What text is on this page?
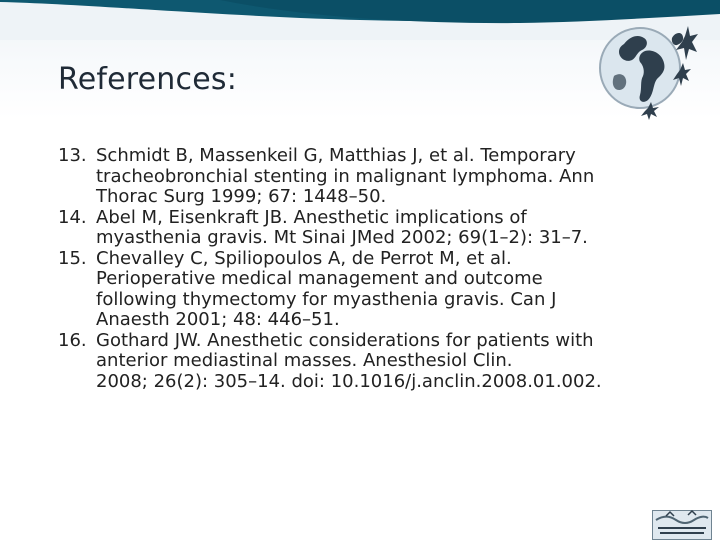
References:
13. Schmidt B, Massenkeil G, Matthias J, et al. Temporary
tracheobronchial stenting in malignant lymphoma. Ann
Thorac Surg 1999; 67: 1448–50.
14. Abel M, Eisenkraft JB. Anesthetic implications of
myasthenia gravis. Mt Sinai JMed 2002; 69(1–2): 31–7.
15. Chevalley C, Spiliopoulos A, de Perrot M, et al.
Perioperative medical management and outcome
following thymectomy for myasthenia gravis. Can J
Anaesth 2001; 48: 446–51.
16. Gothard JW. Anesthetic considerations for patients with
anterior mediastinal masses. Anesthesiol Clin.
2008; 26(2): 305–14. doi: 10.1016/j.anclin.2008.01.002.
